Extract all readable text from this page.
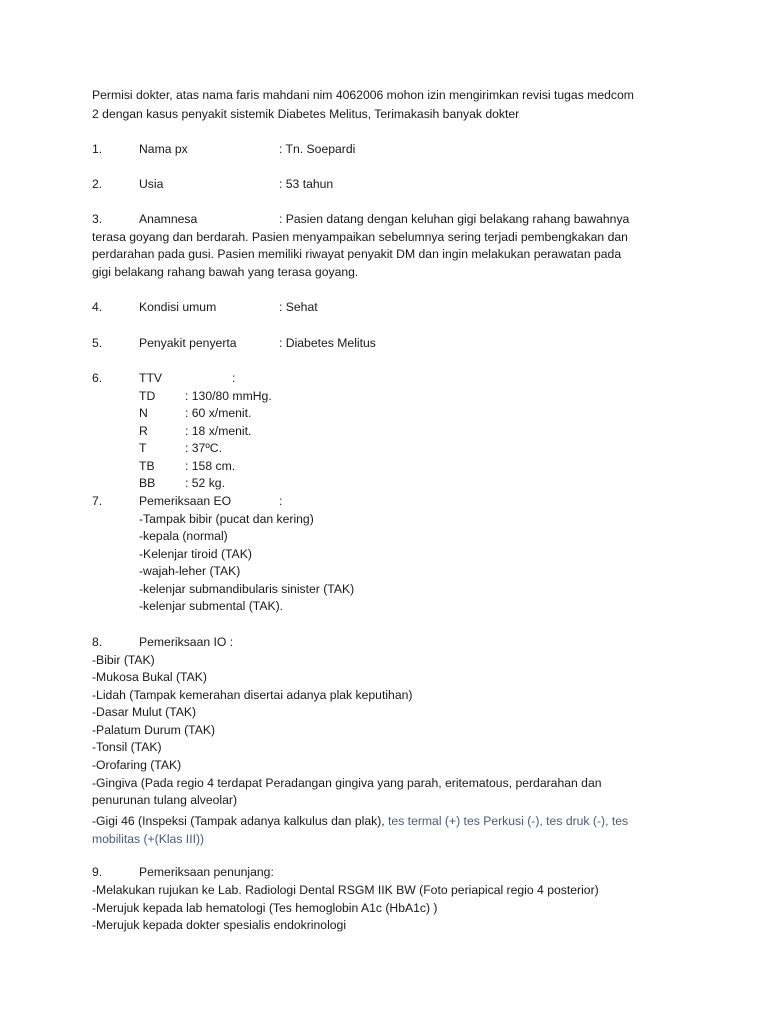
Permisi dokter, atas nama faris mahdani nim 4062006 mohon izin mengirimkan revisi tugas medcom
2 dengan kasus penyakit sistemik Diabetes Melitus, Terimakasih banyak dokter
1.	Nama px	: Tn. Soepardi
2.	Usia	: 53 tahun
3.	Anamnesa	: Pasien datang dengan keluhan gigi belakang rahang bawahnya
terasa goyang dan berdarah. Pasien menyampaikan sebelumnya sering terjadi pembengkakan dan
perdarahan pada gusi. Pasien memiliki riwayat penyakit DM dan ingin melakukan perawatan pada
gigi belakang rahang bawah yang terasa goyang.
4.	Kondisi umum	: Sehat
5.	Penyakit penyerta	: Diabetes Melitus
6.	TTV	:
TD : 130/80 mmHg.
N	: 60 x/menit.
R	: 18 x/menit.
T	: 37ºC.
TB : 158 cm.
BB : 52 kg.
7.	Pemeriksaan EO	:
-Tampak bibir (pucat dan kering)
-kepala (normal)
-Kelenjar tiroid (TAK)
-wajah-leher (TAK)
-kelenjar submandibularis sinister (TAK)
-kelenjar submental (TAK).
8.	Pemeriksaan IO :
-Bibir (TAK)
-Mukosa Bukal (TAK)
-Lidah (Tampak kemerahan disertai adanya plak keputihan)
-Dasar Mulut (TAK)
-Palatum Durum (TAK)
-Tonsil (TAK)
-Orofaring (TAK)
-Gingiva (Pada regio 4 terdapat Peradangan gingiva yang parah, eritematous, perdarahan dan
penurunan tulang alveolar)
-Gigi 46 (Inspeksi (Tampak adanya kalkulus dan plak), tes termal (+) tes Perkusi (-), tes druk (-), tes
mobilitas (+(Klas III))
9.	Pemeriksaan penunjang:
-Melakukan rujukan ke Lab. Radiologi Dental RSGM IIK BW (Foto periapical regio 4 posterior)
-Merujuk kepada lab hematologi (Tes hemoglobin A1c (HbA1c) )
-Merujuk kepada dokter spesialis endokrinologi
